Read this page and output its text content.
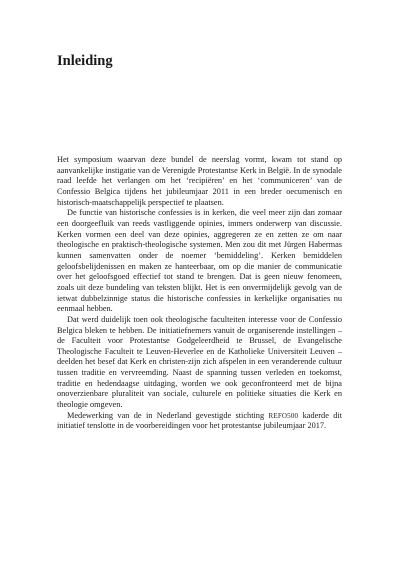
Inleiding

Het symposium waarvan deze bundel de neerslag vormt, kwam tot stand op aanvankelijke instigatie van de Verenigde Protestantse Kerk in België. In de synodale raad leefde het verlangen om het ‘recipiëren’ en het ‘communiceren’ van de Confessio Belgica tijdens het jubileumjaar 2011 in een breder oecumenisch en historisch-maatschappelijk perspectief te plaatsen.

De functie van historische confessies is in kerken, die veel meer zijn dan zomaar een doorgeefluik van reeds vastliggende opinies, immers onderwerp van discussie. Kerken vormen een deel van deze opinies, aggregeren ze en zetten ze om naar theologische en praktisch-theologische systemen. Men zou dit met Jürgen Habermas kunnen samenvatten onder de noemer ‘bemiddeling’. Kerken bemiddelen geloofsbelijdenissen en maken ze hanteerbaar, om op die manier de communicatie over het geloofsgoed effectief tot stand te brengen. Dat is geen nieuw fenomeen, zoals uit deze bundeling van teksten blijkt. Het is een onvermijdelijk gevolg van de ietwat dubbelzinnige status die historische confessies in kerkelijke organisaties nu eenmaal hebben.

Dat werd duidelijk toen ook theologische faculteiten interesse voor de Confessio Belgica bleken te hebben. De initiatiefnemers vanuit de organiserende instellingen – de Faculteit voor Protestantse Godgeleerdheid te Brussel, de Evangelische Theologische Faculteit te Leuven-Heverlee en de Katholieke Universiteit Leuven – deelden het besef dat Kerk en christen-zijn zich afspelen in een veranderende cultuur tussen traditie en vervreemding. Naast de spanning tussen verleden en toekomst, traditie en hedendaagse uitdaging, worden we ook geconfronteerd met de bijna onoverzienbare pluraliteit van sociale, culturele en politieke situaties die Kerk en theologie omgeven.

Medewerking van de in Nederland gevestigde stichting REFO500 kaderde dit initiatief tenslotte in de voorbereidingen voor het protestantse jubileumjaar 2017.
